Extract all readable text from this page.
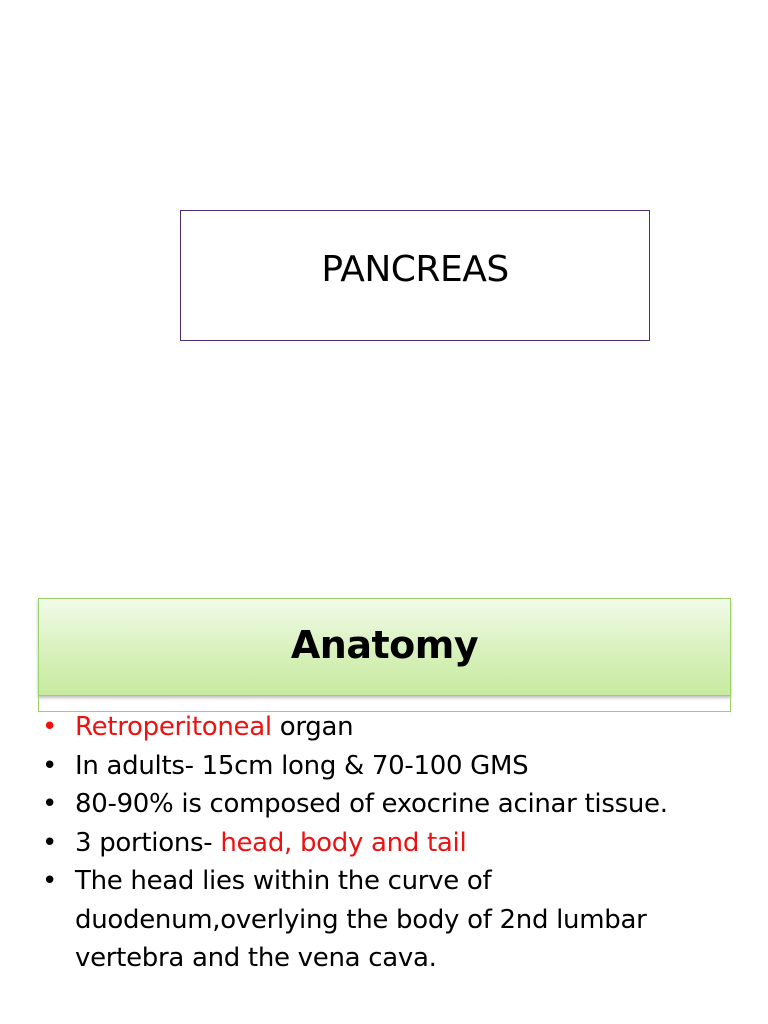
PANCREAS
Anatomy
• Retroperitoneal organ
• In adults- 15cm long & 70-100 GMS
• 80-90% is composed of exocrine acinar tissue.
• 3 portions- head, body and tail
• The head lies within the curve of duodenum,overlying the body of 2nd lumbar vertebra and the vena cava.
